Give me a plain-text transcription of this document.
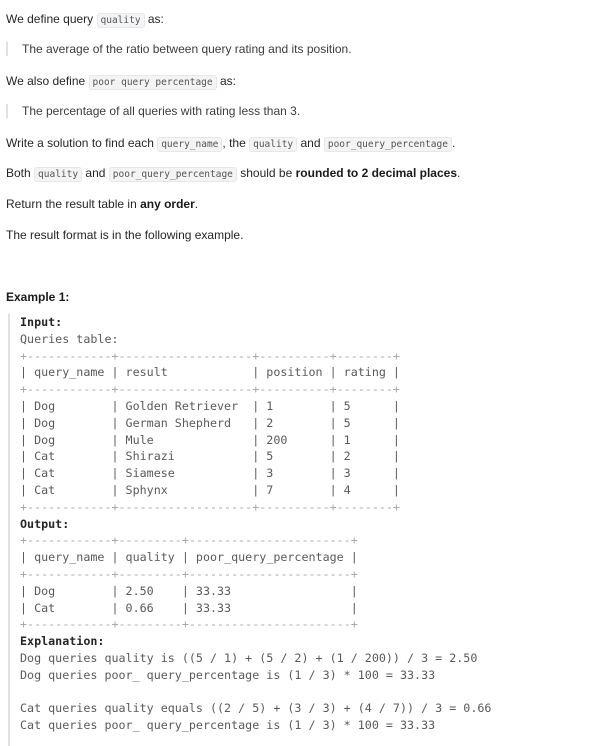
We define query quality as:

The average of the ratio between query rating and its position.

We also define poor query percentage as:

The percentage of all queries with rating less than 3.

Write a solution to find each query_name , the quality and poor_query_percentage .

Both quality and poor_query_percentage should be rounded to 2 decimal places.

Return the result table in any order.

The result format is in the following example.

Example 1:

Input:
Queries table:
+------------+-------------------+----------+--------+
| query_name | result            | position | rating |
+------------+-------------------+----------+--------+
| Dog        | Golden Retriever  | 1        | 5      |
| Dog        | German Shepherd   | 2        | 5      |
| Dog        | Mule              | 200      | 1      |
| Cat        | Shirazi           | 5        | 2      |
| Cat        | Siamese           | 3        | 3      |
| Cat        | Sphynx            | 7        | 4      |
+------------+-------------------+----------+--------+
Output:
+------------+---------+-----------------------+
| query_name | quality | poor_query_percentage |
+------------+---------+-----------------------+
| Dog        | 2.50    | 33.33                 |
| Cat        | 0.66    | 33.33                 |
+------------+---------+-----------------------+
Explanation:
Dog queries quality is ((5 / 1) + (5 / 2) + (1 / 200)) / 3 = 2.50
Dog queries poor_ query_percentage is (1 / 3) * 100 = 33.33

Cat queries quality equals ((2 / 5) + (3 / 3) + (4 / 7)) / 3 = 0.66
Cat queries poor_ query_percentage is (1 / 3) * 100 = 33.33
